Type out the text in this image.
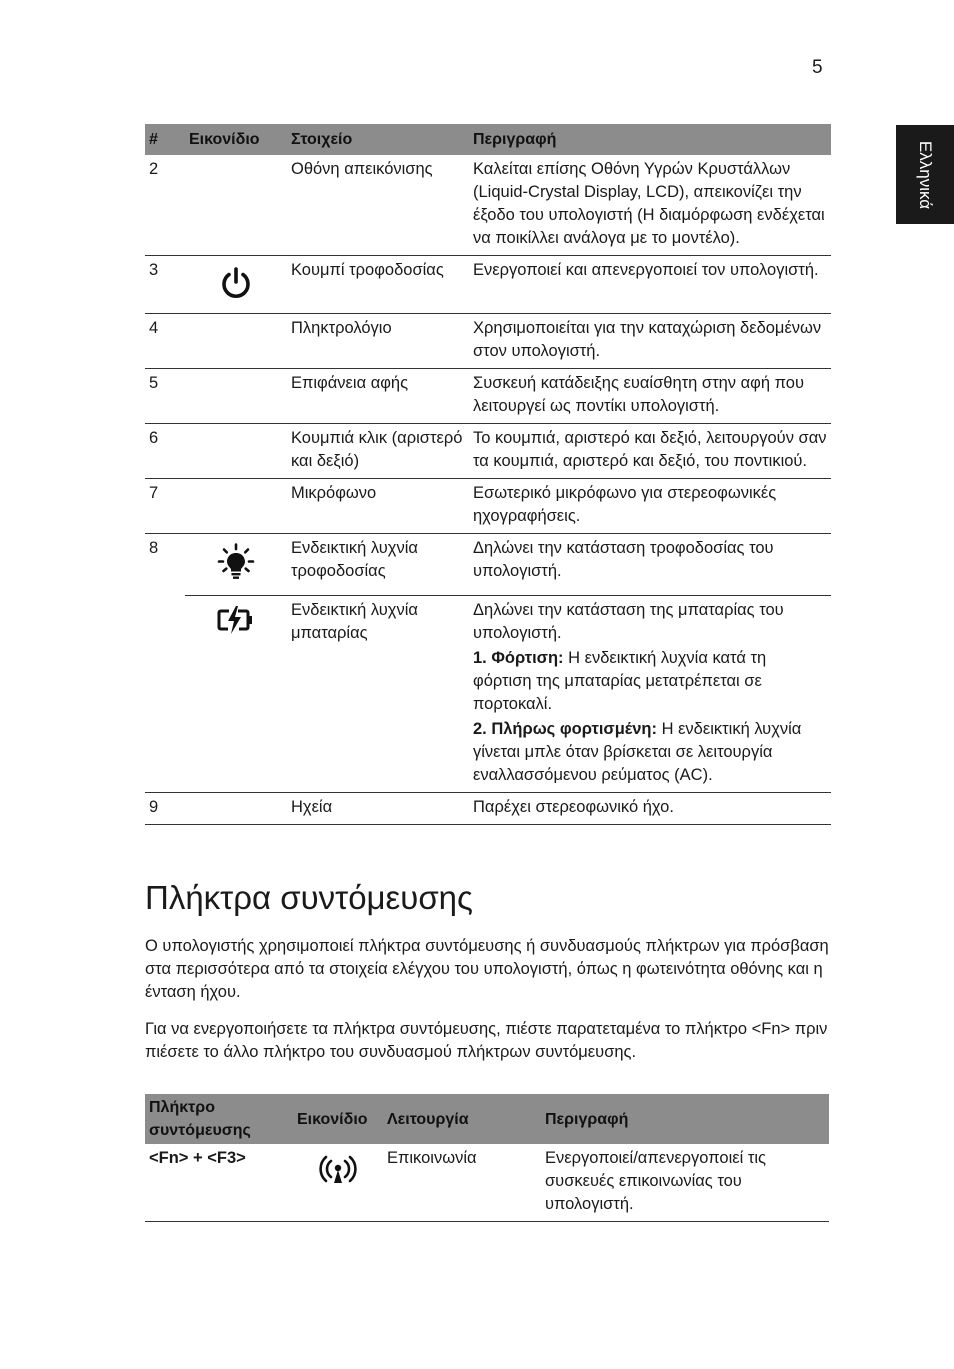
5
Ελληνικά
#	Εικονίδιο	Στοιχείο	Περιγραφή
2		Οθόνη απεικόνισης	Καλείται επίσης Οθόνη Υγρών Κρυστάλλων (Liquid-Crystal Display, LCD), απεικονίζει την έξοδο του υπολογιστή (Η διαμόρφωση ενδέχεται να ποικίλλει ανάλογα με το μοντέλο).
3		Κουμπί τροφοδοσίας	Ενεργοποιεί και απενεργοποιεί τον υπολογιστή.
4		Πληκτρολόγιο	Χρησιμοποιείται για την καταχώριση δεδομένων στον υπολογιστή.
5		Επιφάνεια αφής	Συσκευή κατάδειξης ευαίσθητη στην αφή που λειτουργεί ως ποντίκι υπολογιστή.
6		Κουμπιά κλικ (αριστερό και δεξιό)	Το κουμπιά, αριστερό και δεξιό, λειτουργούν σαν τα κουμπιά, αριστερό και δεξιό, του ποντικιού.
7		Μικρόφωνο	Εσωτερικό μικρόφωνο για στερεοφωνικές ηχογραφήσεις.
8		Ενδεικτική λυχνία τροφοδοσίας	Δηλώνει την κατάσταση τροφοδοσίας του υπολογιστή.
		Ενδεικτική λυχνία μπαταρίας	Δηλώνει την κατάσταση της μπαταρίας του υπολογιστή.

1. Φόρτιση: Η ενδεικτική λυχνία κατά τη φόρτιση της μπαταρίας μετατρέπεται σε πορτοκαλί.

2. Πλήρως φορτισμένη: Η ενδεικτική λυχνία γίνεται μπλε όταν βρίσκεται σε λειτουργία εναλλασσόμενου ρεύματος (AC).

9		Ηχεία	Παρέχει στερεοφωνικό ήχο.
Πλήκτρα συντόμευσης

Ο υπολογιστής χρησιμοποιεί πλήκτρα συντόμευσης ή συνδυασμούς πλήκτρων για πρόσβαση στα περισσότερα από τα στοιχεία ελέγχου του υπολογιστή, όπως η φωτεινότητα οθόνης και η ένταση ήχου.

Για να ενεργοποιήσετε τα πλήκτρα συντόμευσης, πιέστε παρατεταμένα το πλήκτρο <Fn> πριν πιέσετε το άλλο πλήκτρο του συνδυασμού πλήκτρων συντόμευσης.

Πλήκτρο συντόμευσης	Εικονίδιο	Λειτουργία	Περιγραφή
<Fn> + <F3>		Επικοινωνία	Ενεργοποιεί/απενεργοποιεί τις συσκευές επικοινωνίας του υπολογιστή.
